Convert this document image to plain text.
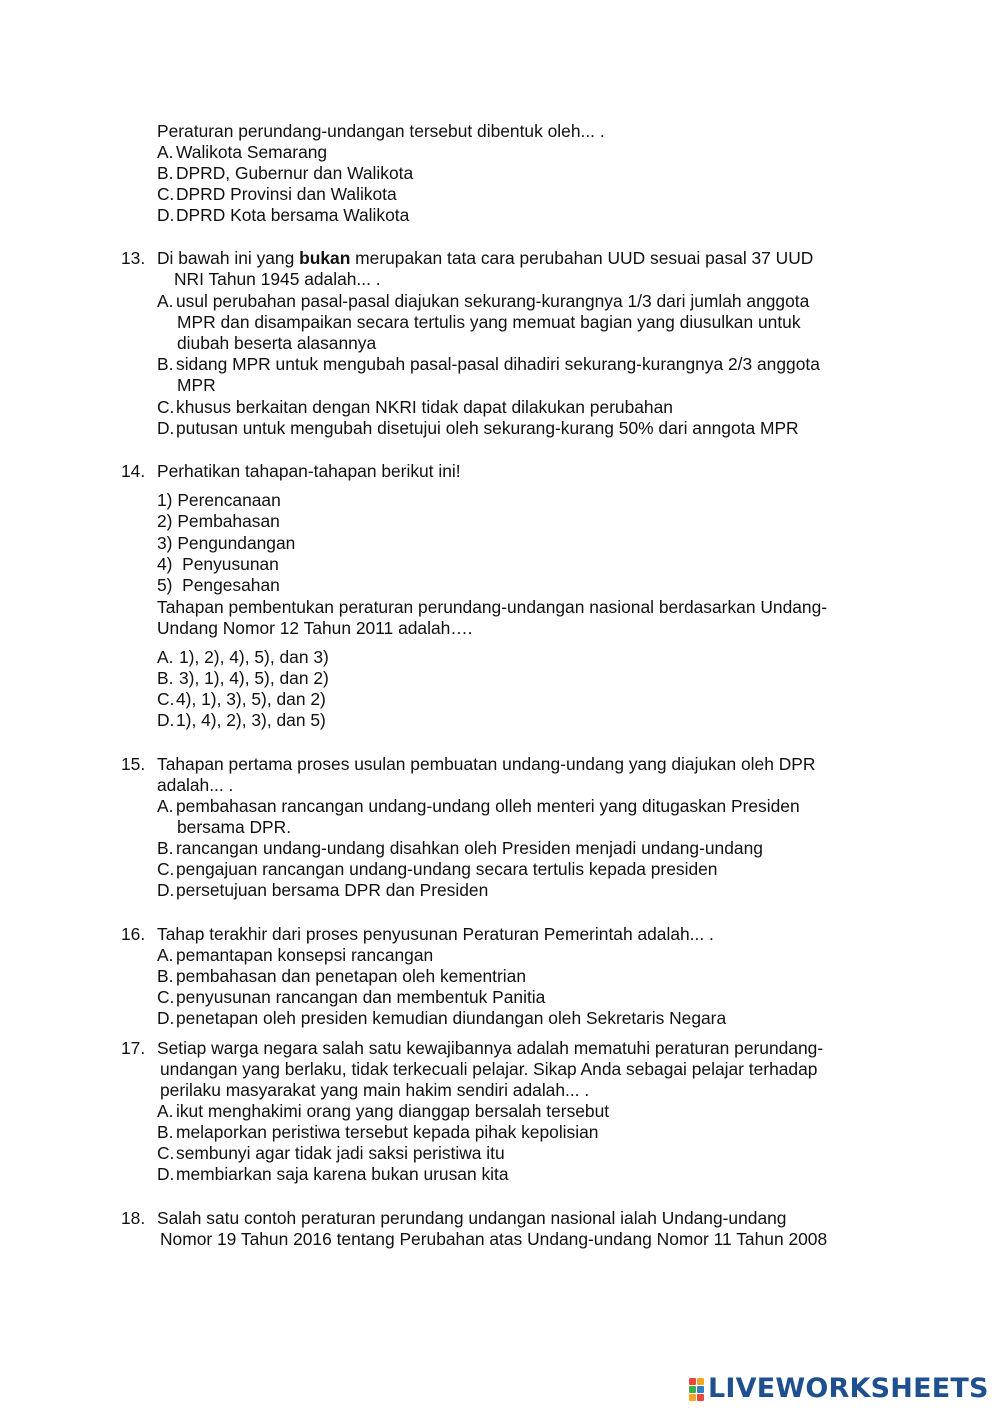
Peraturan perundang-undangan tersebut dibentuk oleh... .
A. Walikota Semarang
B. DPRD, Gubernur dan Walikota
C.DPRD Provinsi dan Walikota
D.DPRD Kota bersama Walikota
13. Di bawah ini yang bukan merupakan tata cara perubahan UUD sesuai pasal 37 UUD
NRI Tahun 1945 adalah... .
A. usul perubahan pasal-pasal diajukan sekurang-kurangnya 1/3 dari jumlah anggota
MPR dan disampaikan secara tertulis yang memuat bagian yang diusulkan untuk
diubah beserta alasannya
B. sidang MPR untuk mengubah pasal-pasal dihadiri sekurang-kurangnya 2/3 anggota
MPR
C.khusus berkaitan dengan NKRI tidak dapat dilakukan perubahan
D.putusan untuk mengubah disetujui oleh sekurang-kurang 50% dari anngota MPR
14. Perhatikan tahapan-tahapan berikut ini!
1) Perencanaan
2) Pembahasan
3) Pengundangan
4) Penyusunan
5) Pengesahan
Tahapan pembentukan peraturan perundang-undangan nasional berdasarkan Undang-
Undang Nomor 12 Tahun 2011 adalah….
A. 1), 2), 4), 5), dan 3)
B. 3), 1), 4), 5), dan 2)
C.4), 1), 3), 5), dan 2)
D.1), 4), 2), 3), dan 5)
15. Tahapan pertama proses usulan pembuatan undang-undang yang diajukan oleh DPR
adalah... .
A. pembahasan rancangan undang-undang olleh menteri yang ditugaskan Presiden
bersama DPR.
B. rancangan undang-undang disahkan oleh Presiden menjadi undang-undang
C.pengajuan rancangan undang-undang secara tertulis kepada presiden
D.persetujuan bersama DPR dan Presiden
16. Tahap terakhir dari proses penyusunan Peraturan Pemerintah adalah... .
A. pemantapan konsepsi rancangan
B. pembahasan dan penetapan oleh kementrian
C.penyusunan rancangan dan membentuk Panitia
D.penetapan oleh presiden kemudian diundangan oleh Sekretaris Negara
17. Setiap warga negara salah satu kewajibannya adalah mematuhi peraturan perundang-
undangan yang berlaku, tidak terkecuali pelajar. Sikap Anda sebagai pelajar terhadap
perilaku masyarakat yang main hakim sendiri adalah... .
A. ikut menghakimi orang yang dianggap bersalah tersebut
B. melaporkan peristiwa tersebut kepada pihak kepolisian
C.sembunyi agar tidak jadi saksi peristiwa itu
D.membiarkan saja karena bukan urusan kita
18. Salah satu contoh peraturan perundang undangan nasional ialah Undang-undang
Nomor 19 Tahun 2016 tentang Perubahan atas Undang-undang Nomor 11 Tahun 2008
LIVEWORKSHEETS
